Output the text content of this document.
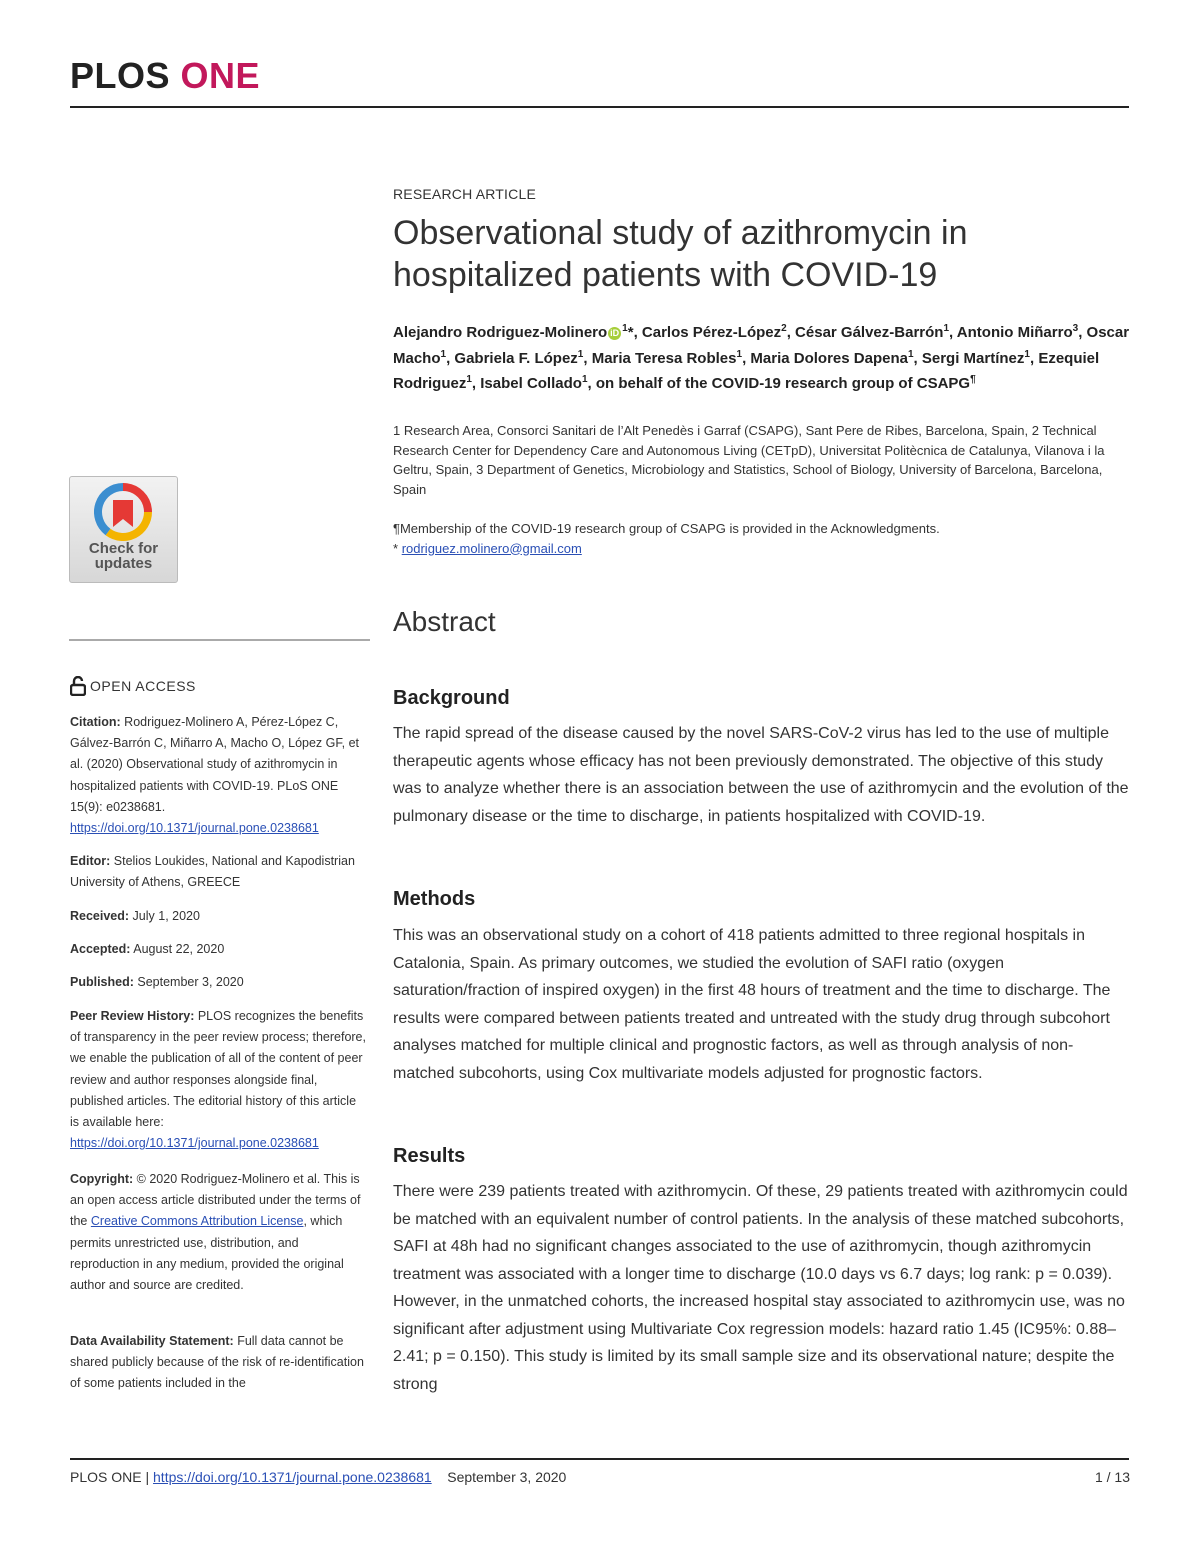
PLOS ONE
RESEARCH ARTICLE
Observational study of azithromycin in hospitalized patients with COVID-19
Alejandro Rodriguez-Molinero iD $^1$*, Carlos Pérez-López$^2$, César Gálvez-Barrón$^1$, Antonio Miñarro$^3$, Oscar Macho$^1$, Gabriela F. López$^1$, Maria Teresa Robles$^1$, Maria Dolores Dapena$^1$, Sergi Martínez$^1$, Ezequiel Rodriguez$^1$, Isabel Collado$^1$, on behalf of the COVID-19 research group of CSAPG¶
1 Research Area, Consorci Sanitari de l’Alt Penedès i Garraf (CSAPG), Sant Pere de Ribes, Barcelona, Spain, 2 Technical Research Center for Dependency Care and Autonomous Living (CETpD), Universitat Politècnica de Catalunya, Vilanova i la Geltru, Spain, 3 Department of Genetics, Microbiology and Statistics, School of Biology, University of Barcelona, Barcelona, Spain
¶Membership of the COVID-19 research group of CSAPG is provided in the Acknowledgments.
* rodriguez.molinero@gmail.com
Abstract
Background

The rapid spread of the disease caused by the novel SARS-CoV-2 virus has led to the use of multiple therapeutic agents whose efficacy has not been previously demonstrated. The objective of this study was to analyze whether there is an association between the use of azithromycin and the evolution of the pulmonary disease or the time to discharge, in patients hospitalized with COVID-19.

Methods

This was an observational study on a cohort of 418 patients admitted to three regional hospitals in Catalonia, Spain. As primary outcomes, we studied the evolution of SAFI ratio (oxygen saturation/fraction of inspired oxygen) in the first 48 hours of treatment and the time to discharge. The results were compared between patients treated and untreated with the study drug through subcohort analyses matched for multiple clinical and prognostic factors, as well as through analysis of non-matched subcohorts, using Cox multivariate models adjusted for prognostic factors.

Results

There were 239 patients treated with azithromycin. Of these, 29 patients treated with azithromycin could be matched with an equivalent number of control patients. In the analysis of these matched subcohorts, SAFI at 48h had no significant changes associated to the use of azithromycin, though azithromycin treatment was associated with a longer time to discharge (10.0 days vs 6.7 days; log rank: p = 0.039). However, in the unmatched cohorts, the increased hospital stay associated to azithromycin use, was no significant after adjustment using Multivariate Cox regression models: hazard ratio 1.45 (IC95%: 0.88–2.41; p = 0.150). This study is limited by its small sample size and its observational nature; despite the strong

Check for updates
OPEN ACCESS

Citation: Rodriguez-Molinero A, Pérez-López C, Gálvez-Barrón C, Miñarro A, Macho O, López GF, et al. (2020) Observational study of azithromycin in hospitalized patients with COVID-19. PLoS ONE 15(9): e0238681. https://doi.org/10.1371/journal.pone.0238681

Editor: Stelios Loukides, National and Kapodistrian University of Athens, GREECE

Received: July 1, 2020

Accepted: August 22, 2020

Published: September 3, 2020

Peer Review History: PLOS recognizes the benefits of transparency in the peer review process; therefore, we enable the publication of all of the content of peer review and author responses alongside final, published articles. The editorial history of this article is available here: https://doi.org/10.1371/journal.pone.0238681

Copyright: © 2020 Rodriguez-Molinero et al. This is an open access article distributed under the terms of the Creative Commons Attribution License, which permits unrestricted use, distribution, and reproduction in any medium, provided the original author and source are credited.

Data Availability Statement: Full data cannot be shared publicly because of the risk of re-identification of some patients included in the

PLOS ONE | https://doi.org/10.1371/journal.pone.0238681 September 3, 2020	1 / 13
